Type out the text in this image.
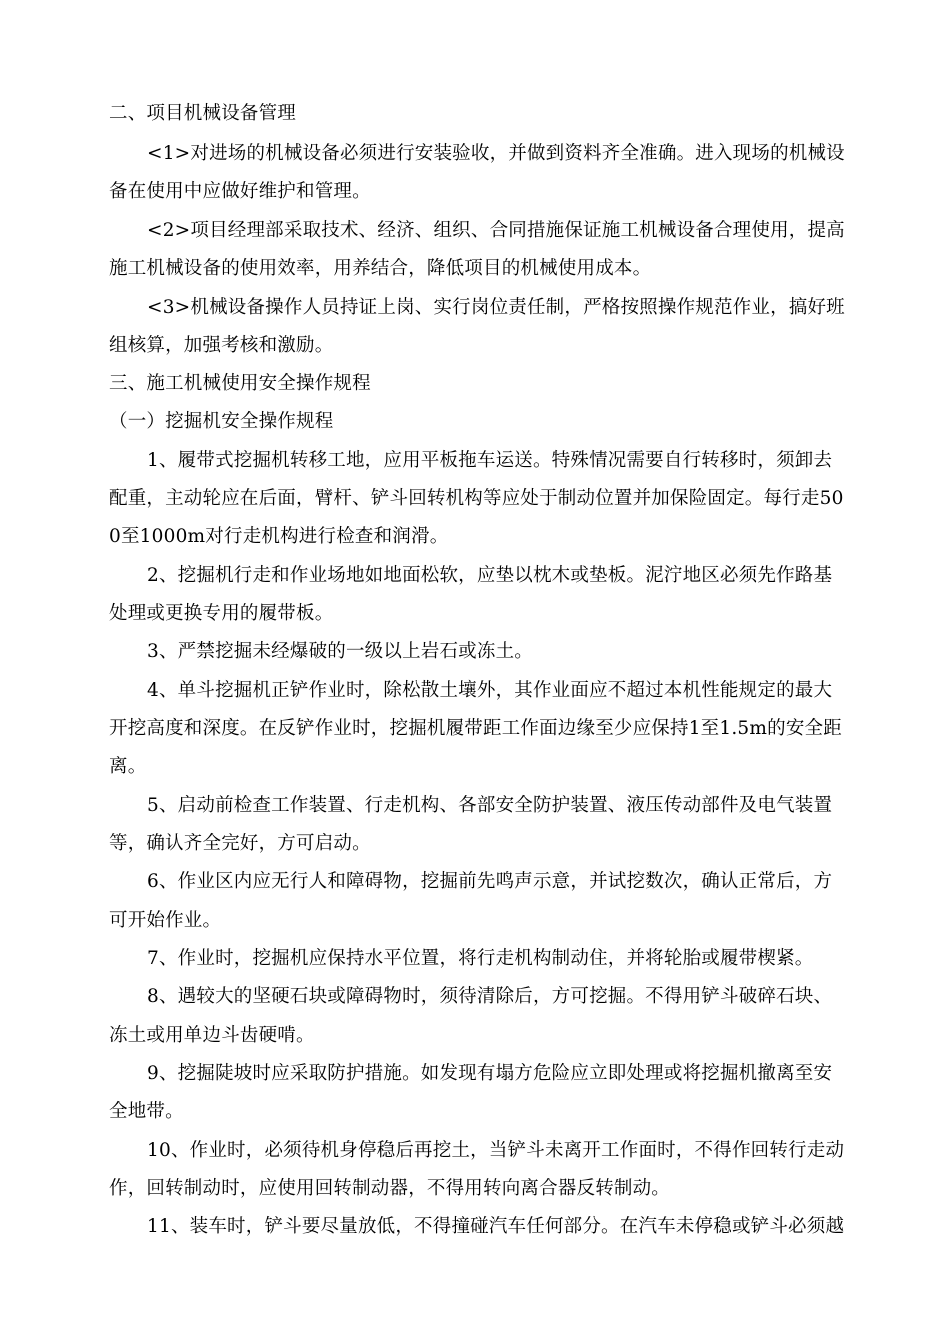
二、项目机械设备管理
<1>对进场的机械设备必须进行安装验收，并做到资料齐全准确。进入现场的机械设
备在使用中应做好维护和管理。
<2>项目经理部采取技术、经济、组织、合同措施保证施工机械设备合理使用，提高
施工机械设备的使用效率，用养结合，降低项目的机械使用成本。
<3>机械设备操作人员持证上岗、实行岗位责任制，严格按照操作规范作业，搞好班
组核算，加强考核和激励。
三、施工机械使用安全操作规程
（一）挖掘机安全操作规程
1、履带式挖掘机转移工地，应用平板拖车运送。特殊情况需要自行转移时，须卸去
配重，主动轮应在后面，臂杆、铲斗回转机构等应处于制动位置并加保险固定。每行走50
0至1000m对行走机构进行检查和润滑。
2、挖掘机行走和作业场地如地面松软，应垫以枕木或垫板。泥泞地区必须先作路基
处理或更换专用的履带板。
3、严禁挖掘未经爆破的一级以上岩石或冻土。
4、单斗挖掘机正铲作业时，除松散土壤外，其作业面应不超过本机性能规定的最大
开挖高度和深度。在反铲作业时，挖掘机履带距工作面边缘至少应保持1至1.5m的安全距
离。
5、启动前检查工作装置、行走机构、各部安全防护装置、液压传动部件及电气装置
等，确认齐全完好，方可启动。
6、作业区内应无行人和障碍物，挖掘前先鸣声示意，并试挖数次，确认正常后，方
可开始作业。
7、作业时，挖掘机应保持水平位置，将行走机构制动住，并将轮胎或履带楔紧。
8、遇较大的坚硬石块或障碍物时，须待清除后，方可挖掘。不得用铲斗破碎石块、
冻土或用单边斗齿硬啃。
9、挖掘陡坡时应采取防护措施。如发现有塌方危险应立即处理或将挖掘机撤离至安
全地带。
10、作业时，必须待机身停稳后再挖土，当铲斗未离开工作面时，不得作回转行走动
作，回转制动时，应使用回转制动器，不得用转向离合器反转制动。
11、装车时，铲斗要尽量放低，不得撞碰汽车任何部分。在汽车未停稳或铲斗必须越
